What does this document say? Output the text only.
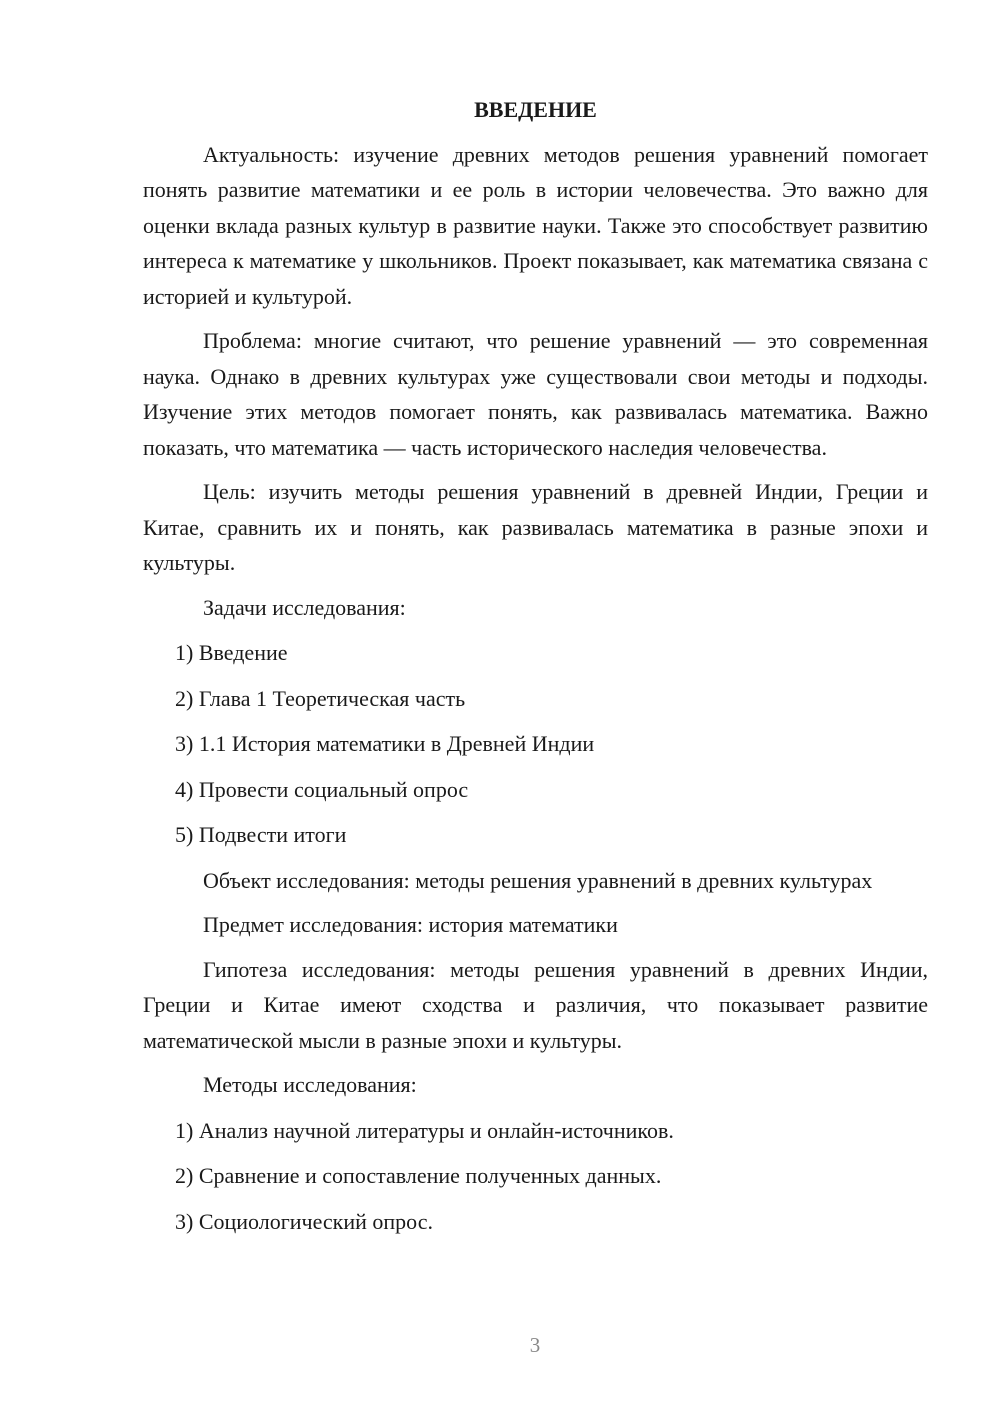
ВВЕДЕНИЕ

Актуальность: изучение древних методов решения уравнений помогает понять развитие математики и ее роль в истории человечества. Это важно для оценки вклада разных культур в развитие науки. Также это способствует развитию интереса к математике у школьников. Проект показывает, как математика связана с историей и культурой.

Проблема: многие считают, что решение уравнений — это современная наука. Однако в древних культурах уже существовали свои методы и подходы. Изучение этих методов помогает понять, как развивалась математика. Важно показать, что математика — часть исторического наследия человечества.

Цель: изучить методы решения уравнений в древней Индии, Греции и Китае, сравнить их и понять, как развивалась математика в разные эпохи и культуры.

Задачи исследования:

1) Введение
2) Глава 1 Теоретическая часть
3) 1.1 История математики в Древней Индии
4) Провести социальный опрос
5) Подвести итоги

Объект исследования: методы решения уравнений в древних культурах

Предмет исследования: история математики

Гипотеза исследования: методы решения уравнений в древних Индии, Греции и Китае имеют сходства и различия, что показывает развитие математической мысли в разные эпохи и культуры.

Методы исследования:

1) Анализ научной литературы и онлайн-источников.
2) Сравнение и сопоставление полученных данных.
3) Социологический опрос.
3
